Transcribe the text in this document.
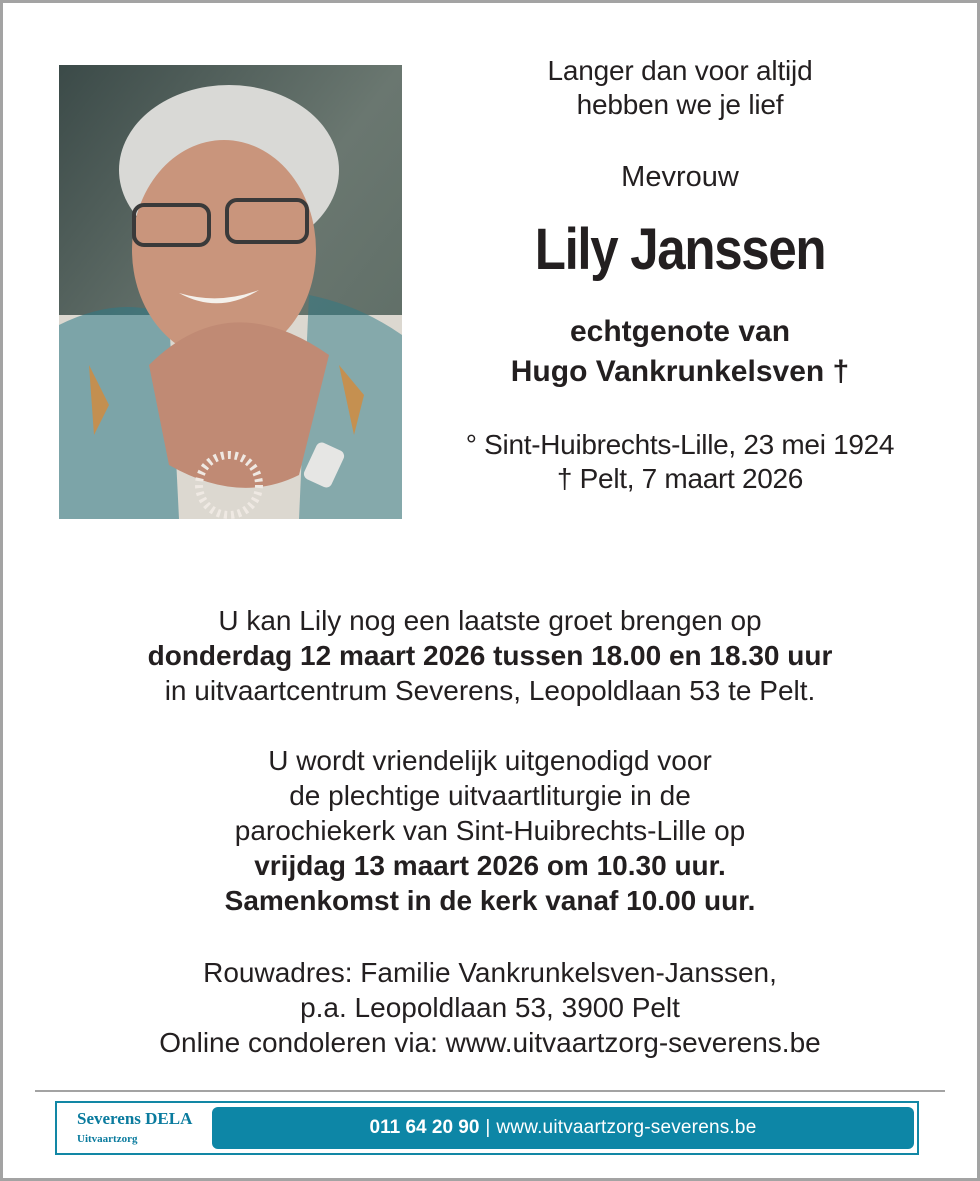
Langer dan voor altijd
hebben we je lief
Mevrouw
Lily Janssen
echtgenote van
Hugo Vankrunkelsven †
° Sint-Huibrechts-Lille, 23 mei 1924
† Pelt, 7 maart 2026
U kan Lily nog een laatste groet brengen op
donderdag 12 maart 2026 tussen 18.00 en 18.30 uur
in uitvaartcentrum Severens, Leopoldlaan 53 te Pelt.
U wordt vriendelijk uitgenodigd voor
de plechtige uitvaartliturgie in de
parochiekerk van Sint-Huibrechts-Lille op
vrijdag 13 maart 2026 om 10.30 uur.
Samenkomst in de kerk vanaf 10.00 uur.
Rouwadres: Familie Vankrunkelsven-Janssen,
p.a. Leopoldlaan 53, 3900 Pelt
Online condoleren via: www.uitvaartzorg-severens.be
Severens DELA
Uitvaartzorg
011 64 20 90 | www.uitvaartzorg-severens.be
